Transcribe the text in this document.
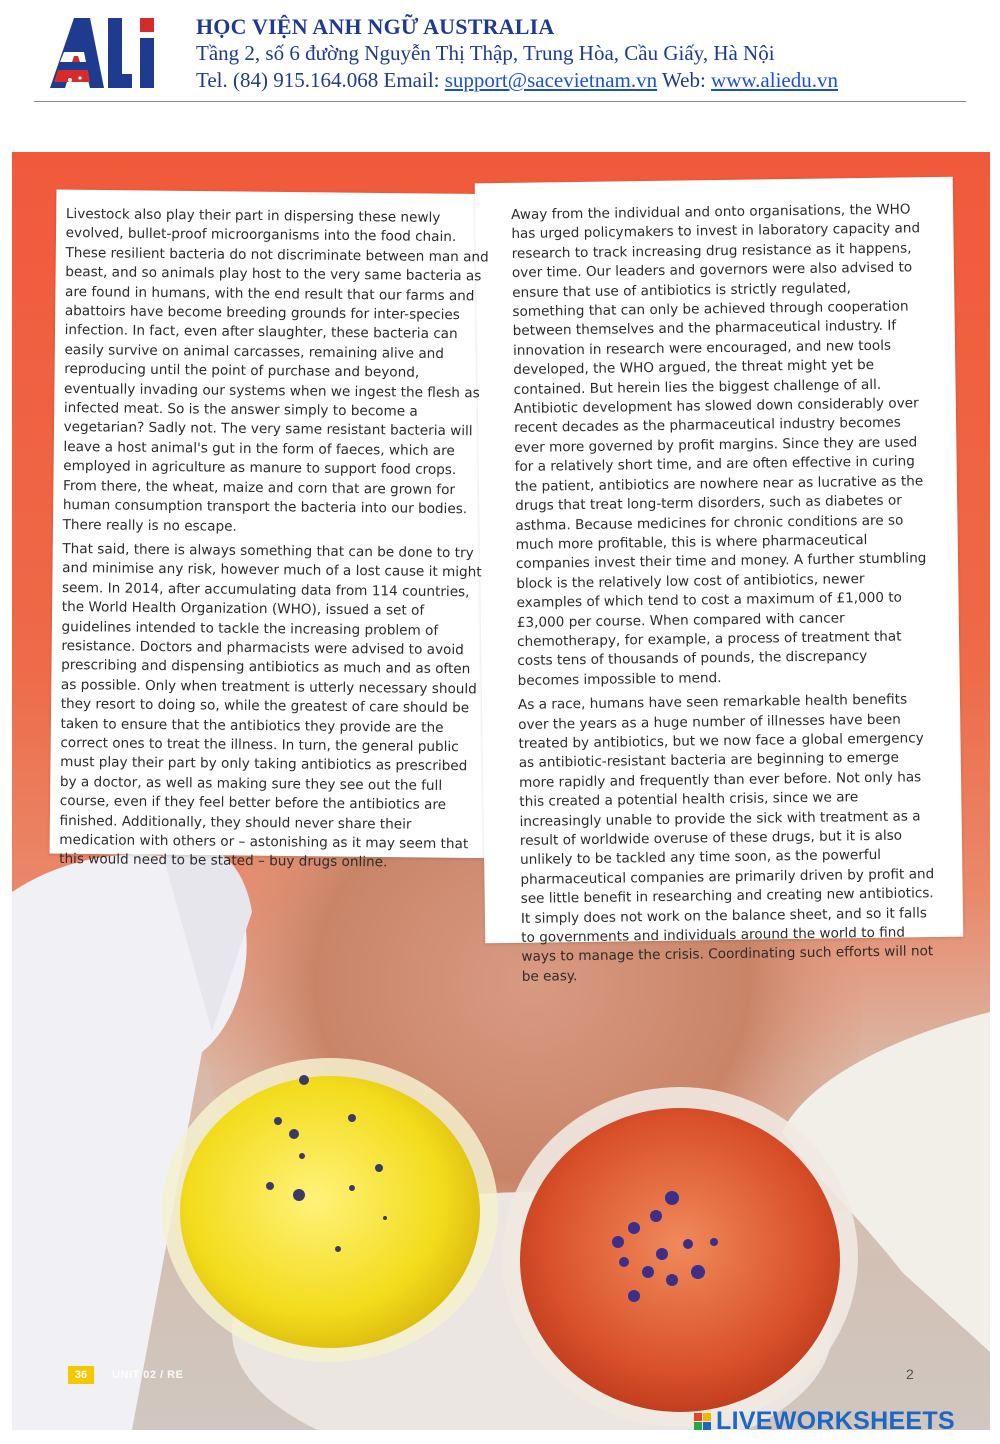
HỌC VIỆN ANH NGỮ AUSTRALIA
Tầng 2, số 6 đường Nguyễn Thị Thập, Trung Hòa, Cầu Giấy, Hà Nội
Tel. (84) 915.164.068 Email: support@sacevietnam.vn Web: www.aliedu.vn

Livestock also play their part in dispersing these newly evolved, bullet-proof microorganisms into the food chain. These resilient bacteria do not discriminate between man and beast, and so animals play host to the very same bacteria as are found in humans, with the end result that our farms and abattoirs have become breeding grounds for inter-species infection. In fact, even after slaughter, these bacteria can easily survive on animal carcasses, remaining alive and reproducing until the point of purchase and beyond, eventually invading our systems when we ingest the flesh as infected meat. So is the answer simply to become a vegetarian? Sadly not. The very same resistant bacteria will leave a host animal's gut in the form of faeces, which are employed in agriculture as manure to support food crops. From there, the wheat, maize and corn that are grown for human consumption transport the bacteria into our bodies. There really is no escape.

That said, there is always something that can be done to try and minimise any risk, however much of a lost cause it might seem. In 2014, after accumulating data from 114 countries, the World Health Organization (WHO), issued a set of guidelines intended to tackle the increasing problem of resistance. Doctors and pharmacists were advised to avoid prescribing and dispensing antibiotics as much and as often as possible. Only when treatment is utterly necessary should they resort to doing so, while the greatest of care should be taken to ensure that the antibiotics they provide are the correct ones to treat the illness. In turn, the general public must play their part by only taking antibiotics as prescribed by a doctor, as well as making sure they see out the full course, even if they feel better before the antibiotics are finished. Additionally, they should never share their medication with others or – astonishing as it may seem that this would need to be stated – buy drugs online.

Away from the individual and onto organisations, the WHO has urged policymakers to invest in laboratory capacity and research to track increasing drug resistance as it happens, over time. Our leaders and governors were also advised to ensure that use of antibiotics is strictly regulated, something that can only be achieved through cooperation between themselves and the pharmaceutical industry. If innovation in research were encouraged, and new tools developed, the WHO argued, the threat might yet be contained. But herein lies the biggest challenge of all. Antibiotic development has slowed down considerably over recent decades as the pharmaceutical industry becomes ever more governed by profit margins. Since they are used for a relatively short time, and are often effective in curing the patient, antibiotics are nowhere near as lucrative as the drugs that treat long-term disorders, such as diabetes or asthma. Because medicines for chronic conditions are so much more profitable, this is where pharmaceutical companies invest their time and money. A further stumbling block is the relatively low cost of antibiotics, newer examples of which tend to cost a maximum of £1,000 to £3,000 per course. When compared with cancer chemotherapy, for example, a process of treatment that costs tens of thousands of pounds, the discrepancy becomes impossible to mend.

As a race, humans have seen remarkable health benefits over the years as a huge number of illnesses have been treated by antibiotics, but we now face a global emergency as antibiotic-resistant bacteria are beginning to emerge more rapidly and frequently than ever before. Not only has this created a potential health crisis, since we are increasingly unable to provide the sick with treatment as a result of worldwide overuse of these drugs, but it is also unlikely to be tackled any time soon, as the powerful pharmaceutical companies are primarily driven by profit and see little benefit in researching and creating new antibiotics. It simply does not work on the balance sheet, and so it falls to governments and individuals around the world to find ways to manage the crisis. Coordinating such efforts will not be easy.

36	UNIT 02 / RE	2
LIVEWORKSHEETS
